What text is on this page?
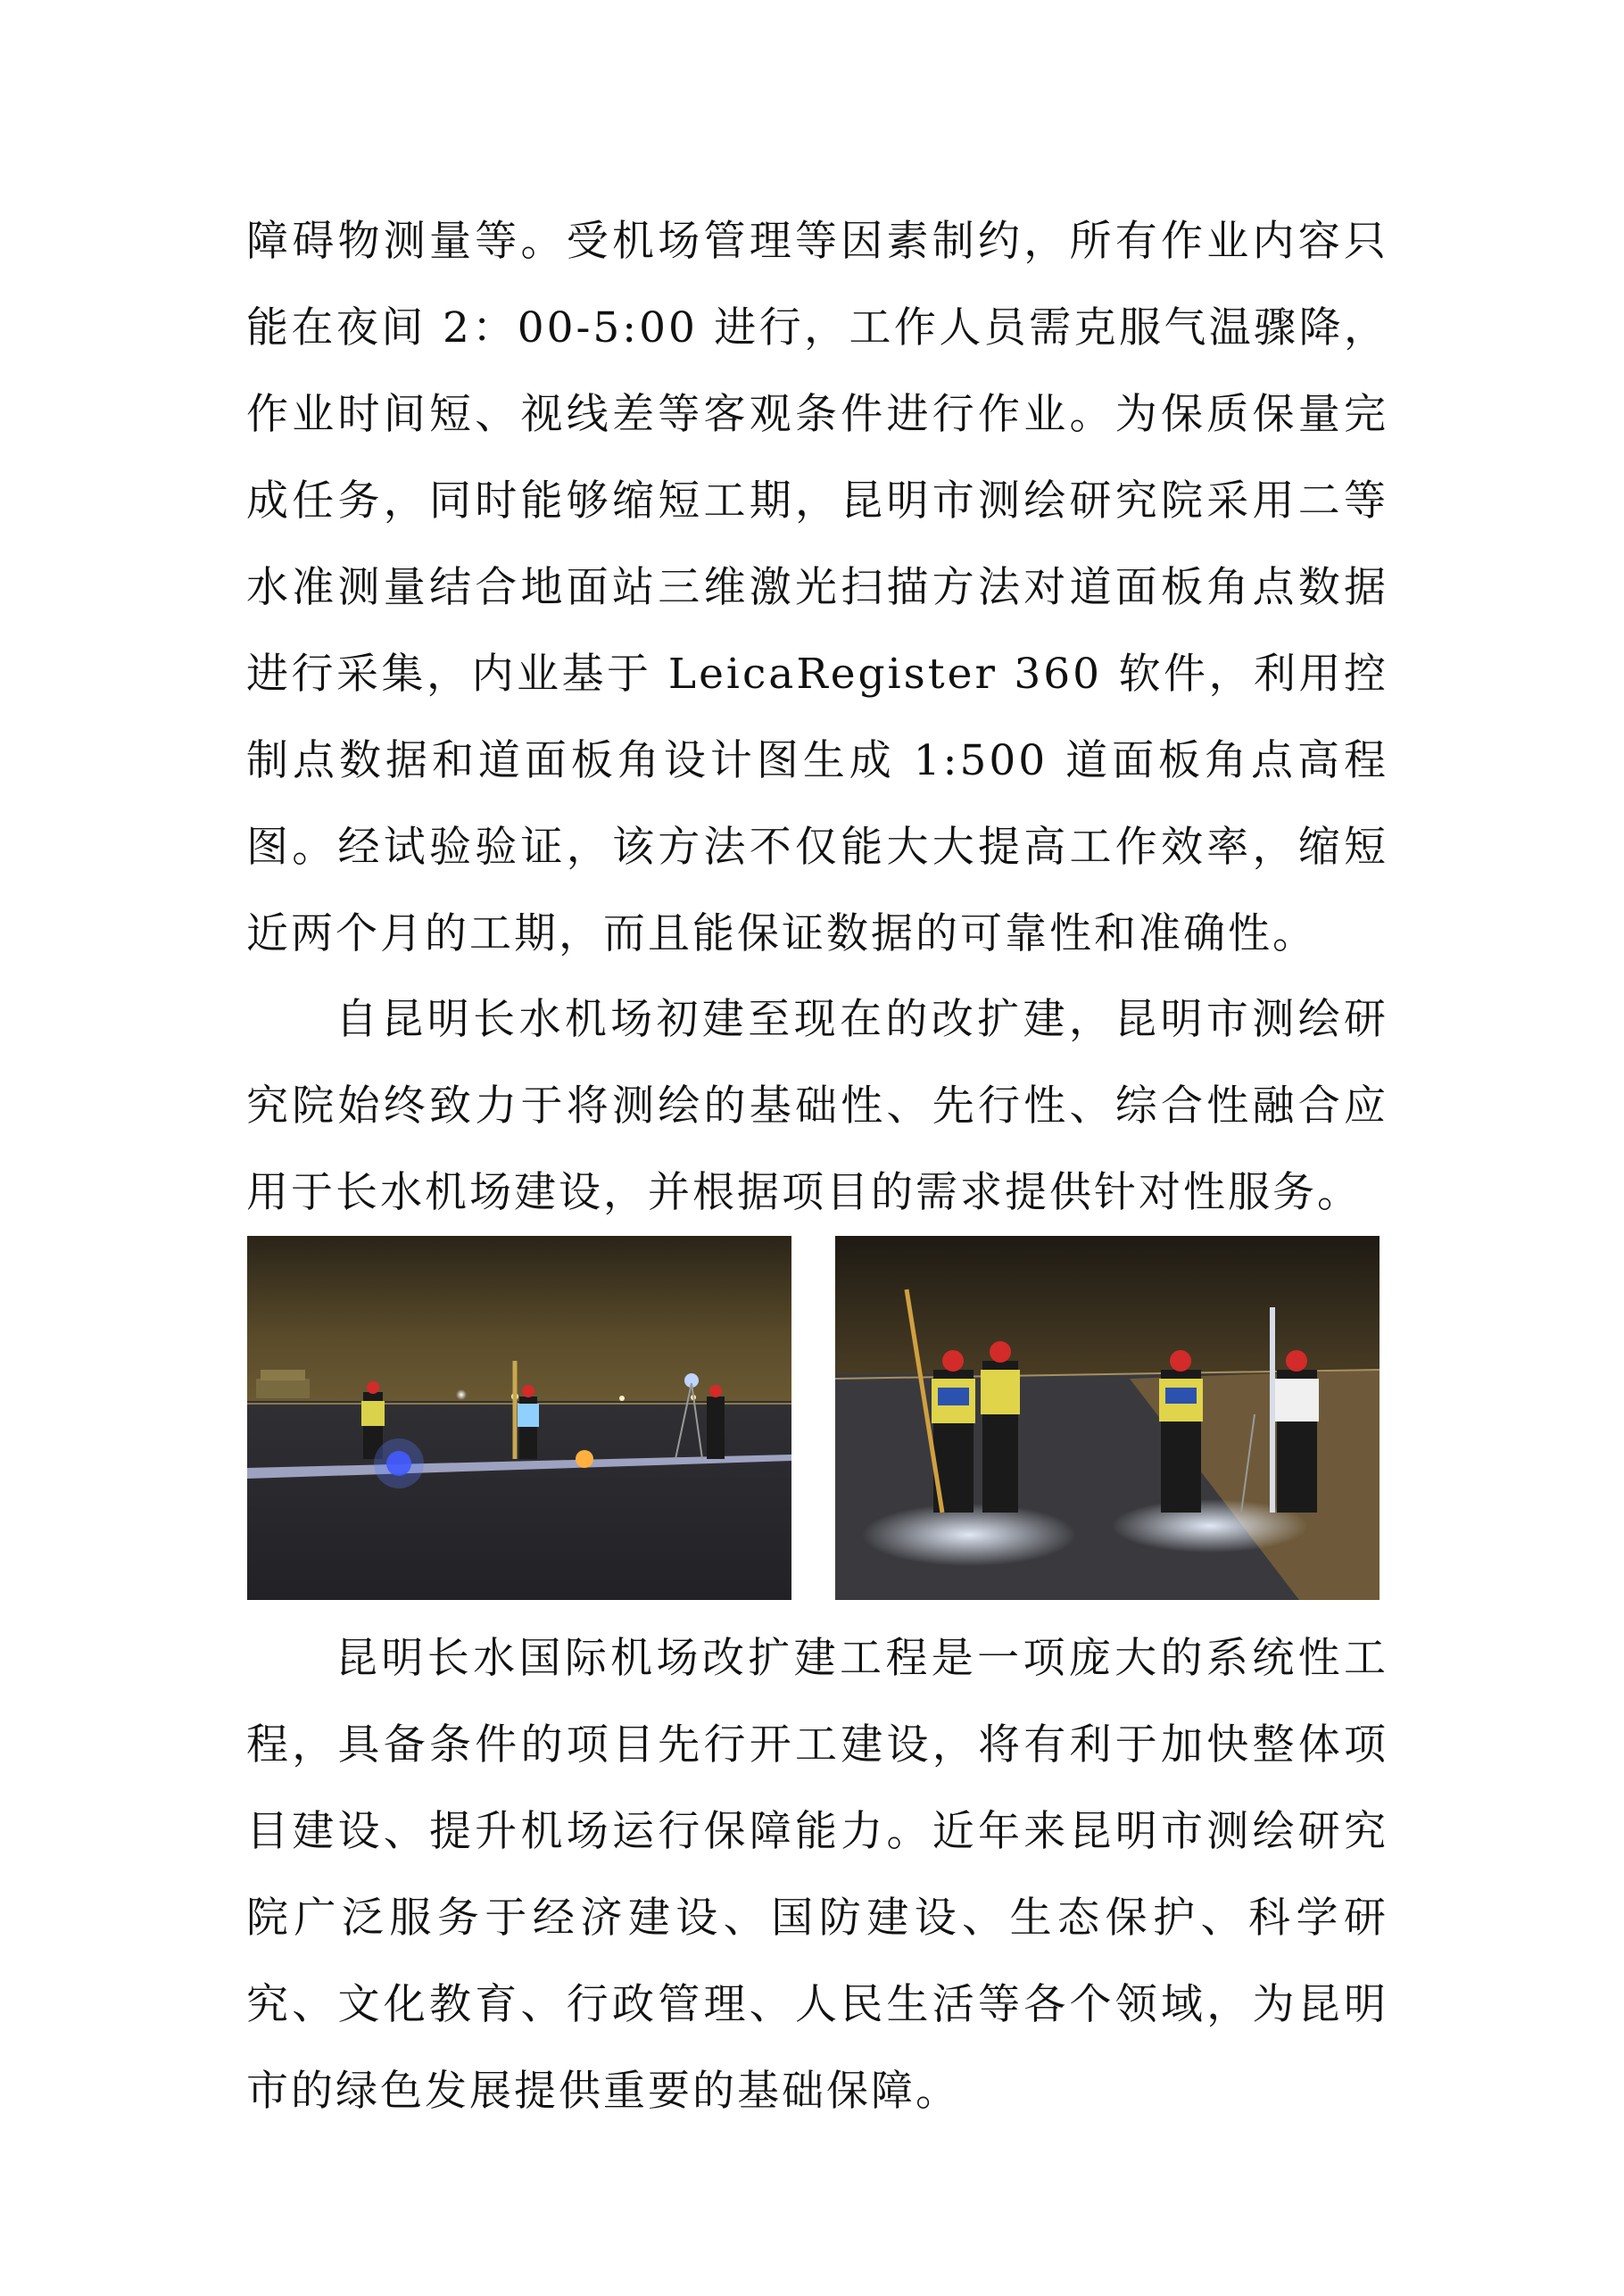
障碍物测量等。受机场管理等因素制约，所有作业内容只能在夜间 2：00-5:00 进行，工作人员需克服气温骤降，作业时间短、视线差等客观条件进行作业。为保质保量完成任务，同时能够缩短工期，昆明市测绘研究院采用二等水准测量结合地面站三维激光扫描方法对道面板角点数据进行采集，内业基于 LeicaRegister 360 软件，利用控制点数据和道面板角设计图生成 1:500 道面板角点高程图。经试验验证，该方法不仅能大大提高工作效率，缩短近两个月的工期，而且能保证数据的可靠性和准确性。

自昆明长水机场初建至现在的改扩建，昆明市测绘研究院始终致力于将测绘的基础性、先行性、综合性融合应用于长水机场建设，并根据项目的需求提供针对性服务。

昆明长水国际机场改扩建工程是一项庞大的系统性工程，具备条件的项目先行开工建设，将有利于加快整体项目建设、提升机场运行保障能力。近年来昆明市测绘研究院广泛服务于经济建设、国防建设、生态保护、科学研究、文化教育、行政管理、人民生活等各个领域，为昆明市的绿色发展提供重要的基础保障。
